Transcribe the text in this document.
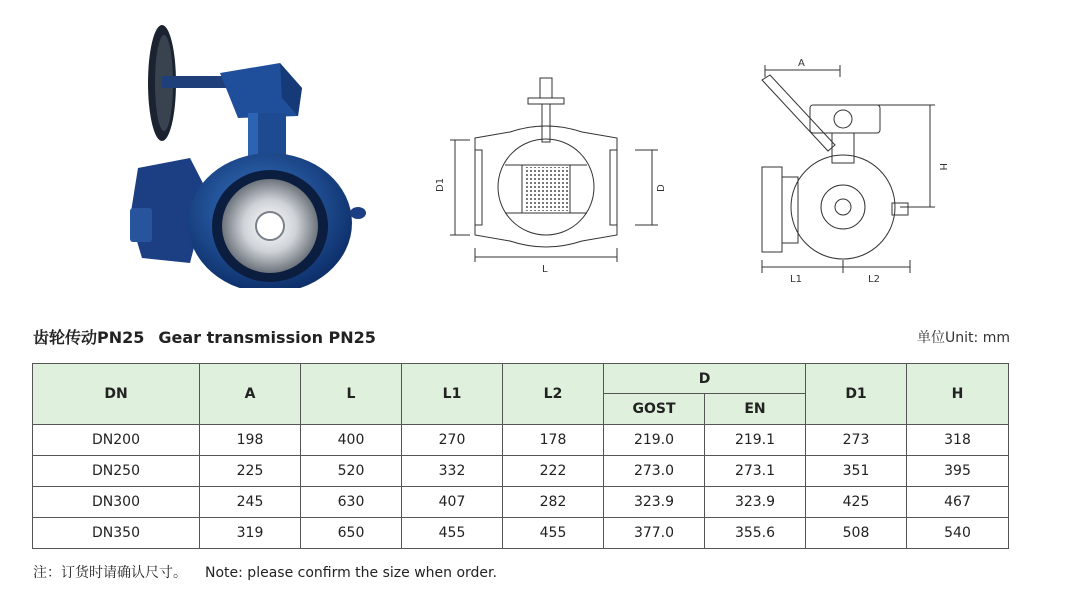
D1	D
L
A
H
L1	L2
齿轮传动PN25 Gear transmission PN25	单位Unit: mm
DN	A	L	L1	L2	D		D1	H
					GOST	EN		
DN200	198	400	270	178	219.0	219.1	273	318
DN250	225	520	332	222	273.0	273.1	351	395
DN300	245	630	407	282	323.9	323.9	425	467
DN350	319	650	455	455	377.0	355.6	508	540
注：订货时请确认尺寸。 Note: please confirm the size when order.
